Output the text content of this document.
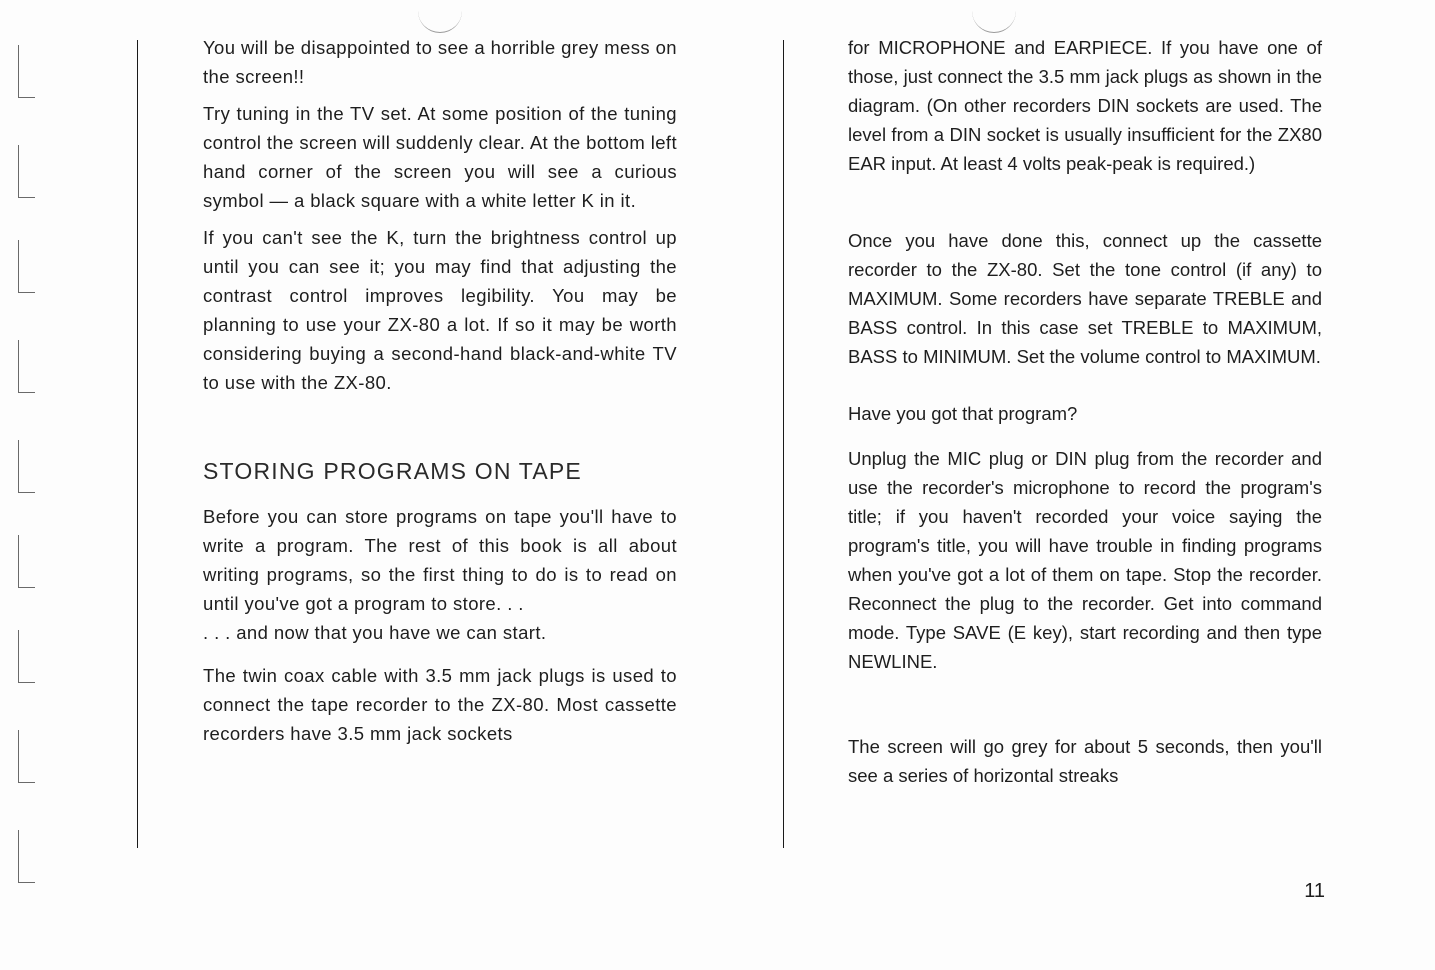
You will be disappointed to see a horrible grey mess on the screen!!

Try tuning in the TV set. At some position of the tuning control the screen will suddenly clear. At the bottom left hand corner of the screen you will see a curious symbol — a black square with a white letter K in it.

If you can't see the K, turn the brightness control up until you can see it; you may find that adjusting the contrast control improves legibility. You may be planning to use your ZX-80 a lot. If so it may be worth considering buying a second-hand black-and-white TV to use with the ZX-80.

STORING PROGRAMS ON TAPE

Before you can store programs on tape you'll have to write a program. The rest of this book is all about writing programs, so the first thing to do is to read on until you've got a program to store. . .

. . . and now that you have we can start.

The twin coax cable with 3.5 mm jack plugs is used to connect the tape recorder to the ZX-80. Most cassette recorders have 3.5 mm jack sockets

for MICROPHONE and EARPIECE. If you have one of those, just connect the 3.5 mm jack plugs as shown in the diagram. (On other recorders DIN sockets are used. The level from a DIN socket is usually insufficient for the ZX80 EAR input. At least 4 volts peak-peak is required.)

Once you have done this, connect up the cassette recorder to the ZX-80. Set the tone control (if any) to MAXIMUM. Some recorders have separate TREBLE and BASS control. In this case set TREBLE to MAXIMUM, BASS to MINIMUM. Set the volume control to MAXIMUM.

Have you got that program?

Unplug the MIC plug or DIN plug from the recorder and use the recorder's microphone to record the program's title; if you haven't recorded your voice saying the program's title, you will have trouble in finding programs when you've got a lot of them on tape. Stop the recorder. Reconnect the plug to the recorder. Get into command mode. Type SAVE (E key), start recording and then type NEWLINE.

The screen will go grey for about 5 seconds, then you'll see a series of horizontal streaks

11
